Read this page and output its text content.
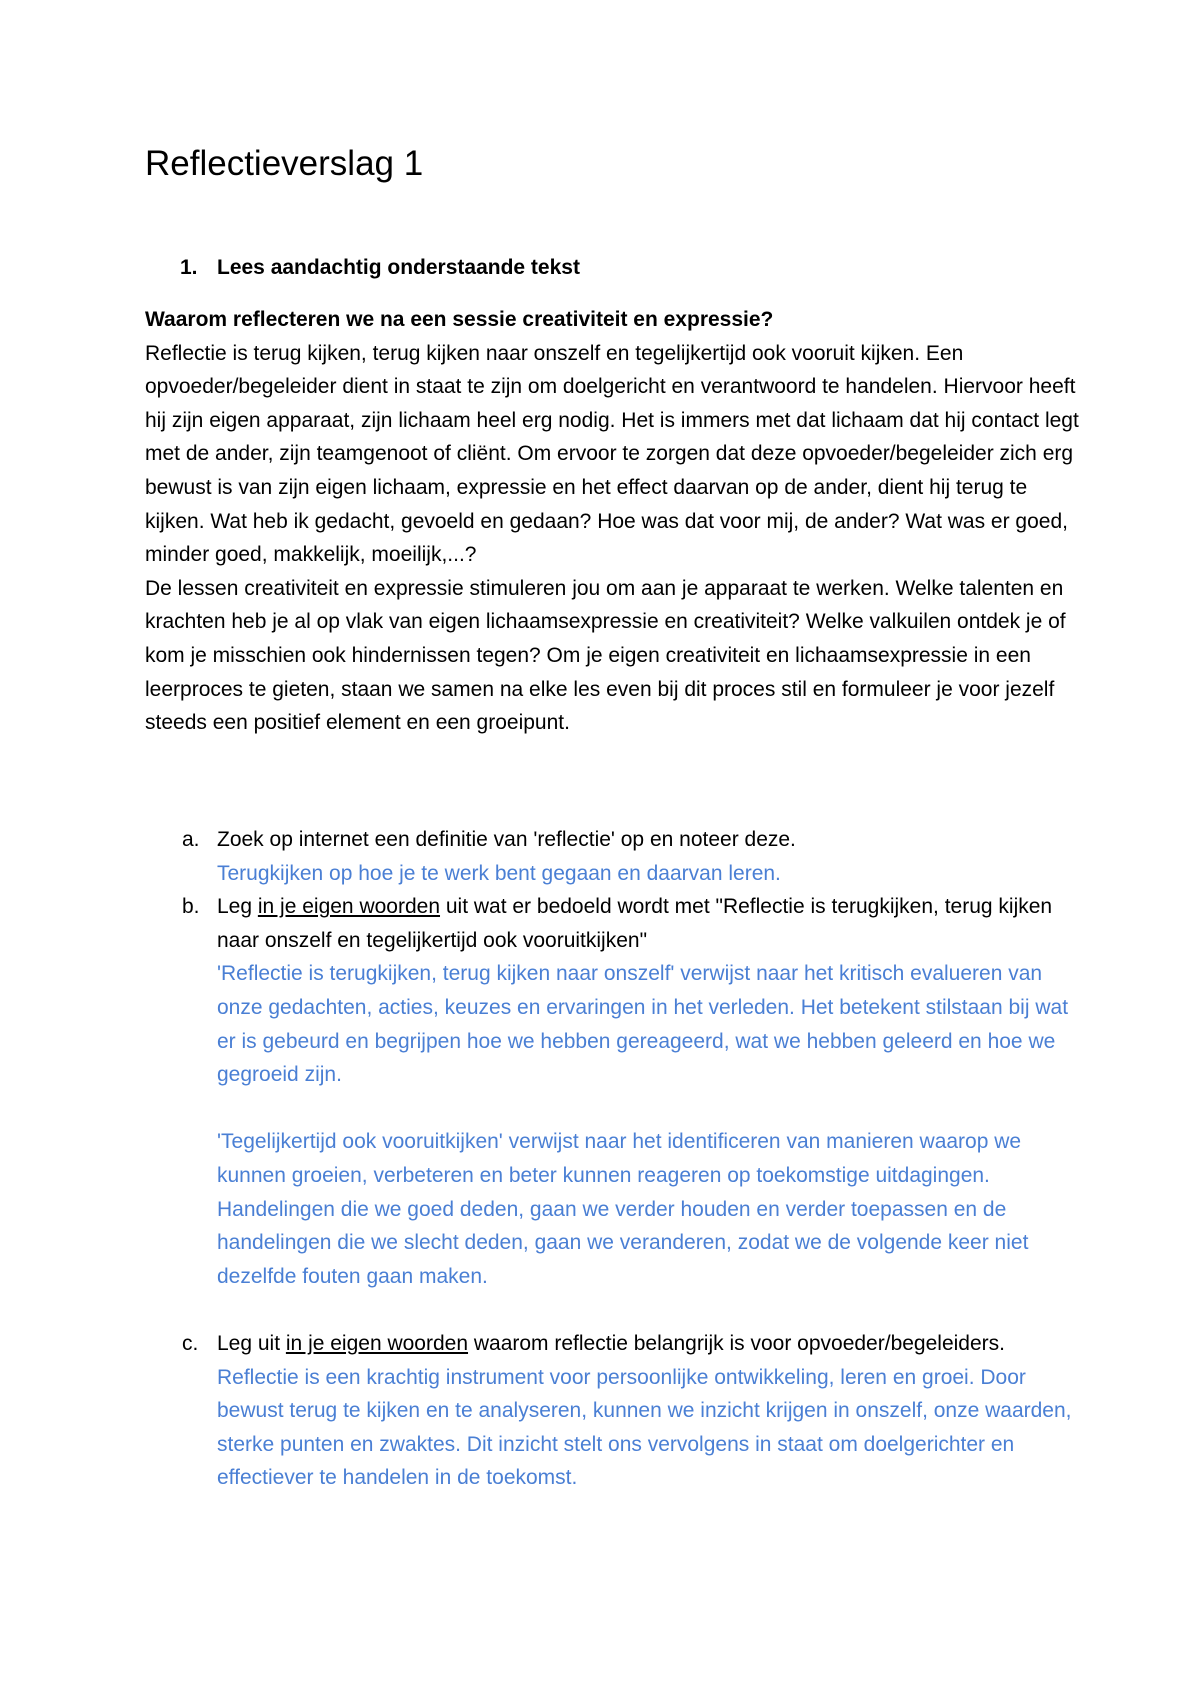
Reflectieverslag 1
1. Lees aandachtig onderstaande tekst
Waarom reflecteren we na een sessie creativiteit en expressie?

Reflectie is terug kijken, terug kijken naar onszelf en tegelijkertijd ook vooruit kijken. Een opvoeder/begeleider dient in staat te zijn om doelgericht en verantwoord te handelen. Hiervoor heeft hij zijn eigen apparaat, zijn lichaam heel erg nodig. Het is immers met dat lichaam dat hij contact legt met de ander, zijn teamgenoot of cliënt. Om ervoor te zorgen dat deze opvoeder/begeleider zich erg bewust is van zijn eigen lichaam, expressie en het effect daarvan op de ander, dient hij terug te kijken. Wat heb ik gedacht, gevoeld en gedaan? Hoe was dat voor mij, de ander? Wat was er goed, minder goed, makkelijk, moeilijk,...?

De lessen creativiteit en expressie stimuleren jou om aan je apparaat te werken. Welke talenten en krachten heb je al op vlak van eigen lichaamsexpressie en creativiteit? Welke valkuilen ontdek je of kom je misschien ook hindernissen tegen? Om je eigen creativiteit en lichaamsexpressie in een leerproces te gieten, staan we samen na elke les even bij dit proces stil en formuleer je voor jezelf steeds een positief element en een groeipunt.

a. Zoek op internet een definitie van 'reflectie' op en noteer deze.

Terugkijken op hoe je te werk bent gegaan en daarvan leren.

b. Leg in je eigen woorden uit wat er bedoeld wordt met "Reflectie is terugkijken, terug kijken naar onszelf en tegelijkertijd ook vooruitkijken"

'Reflectie is terugkijken, terug kijken naar onszelf' verwijst naar het kritisch evalueren van onze gedachten, acties, keuzes en ervaringen in het verleden. Het betekent stilstaan bij wat er is gebeurd en begrijpen hoe we hebben gereageerd, wat we hebben geleerd en hoe we gegroeid zijn.

'Tegelijkertijd ook vooruitkijken' verwijst naar het identificeren van manieren waarop we kunnen groeien, verbeteren en beter kunnen reageren op toekomstige uitdagingen. Handelingen die we goed deden, gaan we verder houden en verder toepassen en de handelingen die we slecht deden, gaan we veranderen, zodat we de volgende keer niet dezelfde fouten gaan maken.

c. Leg uit in je eigen woorden waarom reflectie belangrijk is voor opvoeder/begeleiders.

Reflectie is een krachtig instrument voor persoonlijke ontwikkeling, leren en groei. Door bewust terug te kijken en te analyseren, kunnen we inzicht krijgen in onszelf, onze waarden, sterke punten en zwaktes. Dit inzicht stelt ons vervolgens in staat om doelgerichter en effectiever te handelen in de toekomst.
